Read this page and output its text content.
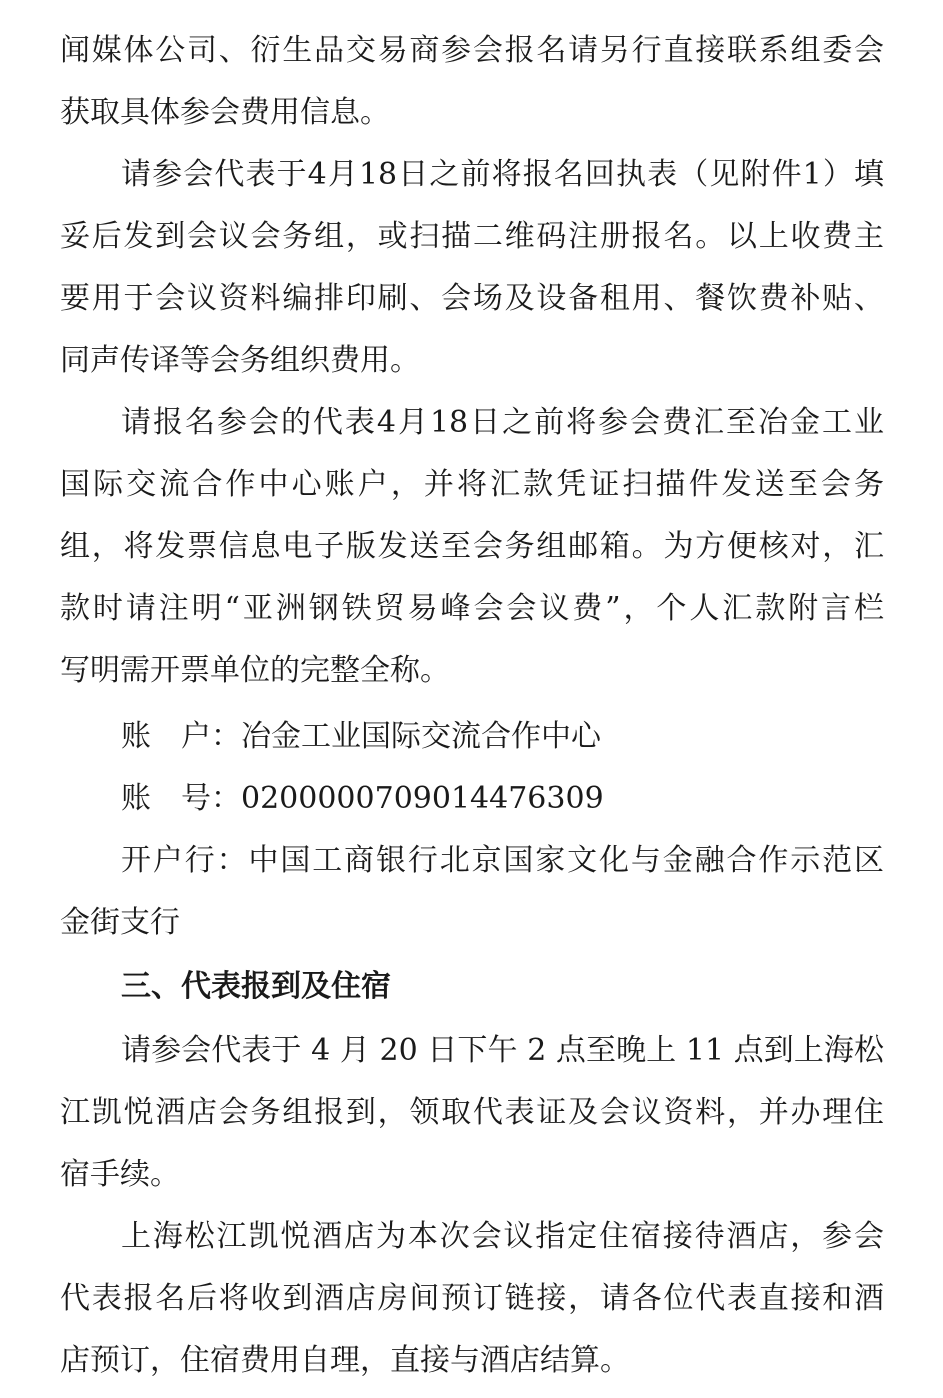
闻媒体公司、衍生品交易商参会报名请另行直接联系组委会
获取具体参会费用信息。
请参会代表于4月18日之前将报名回执表（见附件1）填
妥后发到会议会务组，或扫描二维码注册报名。以上收费主
要用于会议资料编排印刷、会场及设备租用、餐饮费补贴、
同声传译等会务组织费用。
请报名参会的代表4月18日之前将参会费汇至冶金工业
国际交流合作中心账户，并将汇款凭证扫描件发送至会务
组，将发票信息电子版发送至会务组邮箱。为方便核对，汇
款时请注明“亚洲钢铁贸易峰会会议费”，个人汇款附言栏
写明需开票单位的完整全称。
账　户：冶金工业国际交流合作中心
账　号：0200000709014476309
开户行：中国工商银行北京国家文化与金融合作示范区
金街支行
三、代表报到及住宿
请参会代表于 4 月 20 日下午 2 点至晚上 11 点到上海松
江凯悦酒店会务组报到，领取代表证及会议资料，并办理住
宿手续。
上海松江凯悦酒店为本次会议指定住宿接待酒店，参会
代表报名后将收到酒店房间预订链接，请各位代表直接和酒
店预订，住宿费用自理，直接与酒店结算。
